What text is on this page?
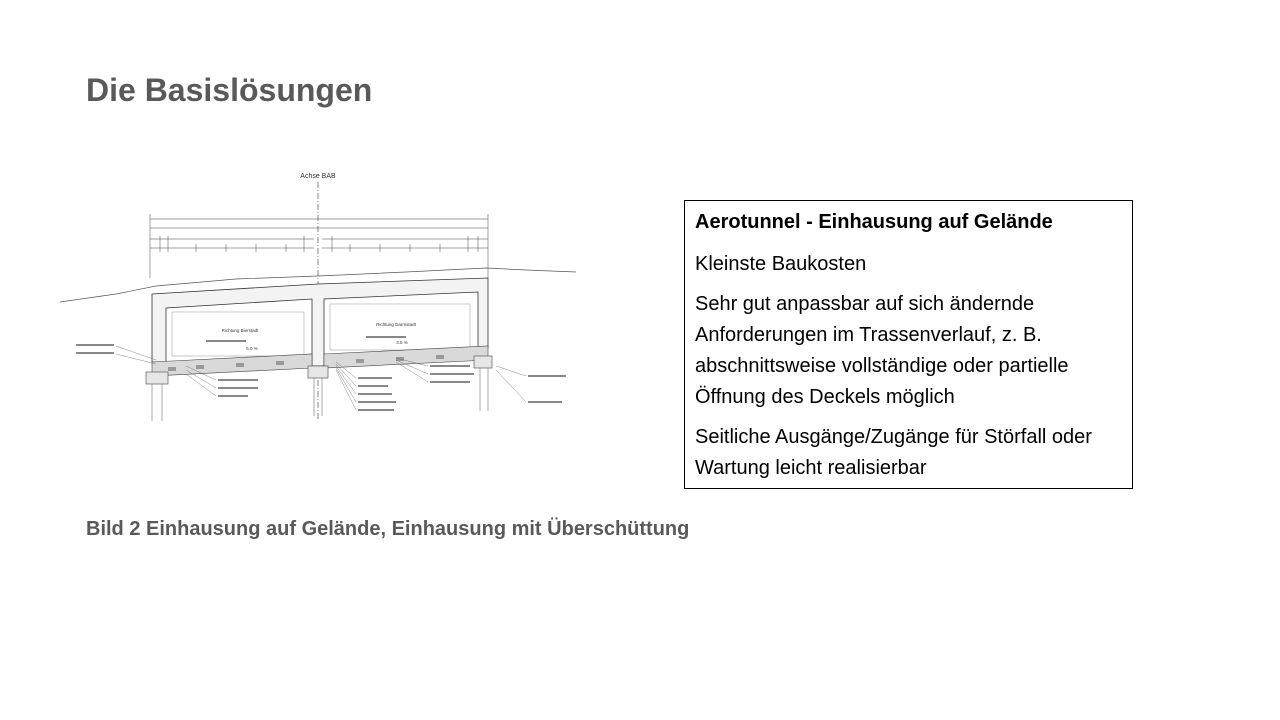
Die Basislösungen
Achse BAB
Richtung Bierstadt
Richtung Darmstadt
5.0 %
3.5 %

Aerotunnel - Einhausung auf Gelände

Kleinste Baukosten

Sehr gut anpassbar auf sich ändernde Anforderungen im Trassenverlauf, z. B. abschnittsweise vollständige oder partielle Öffnung des Deckels möglich

Seitliche Ausgänge/Zugänge für Störfall oder Wartung leicht realisierbar

Bild 2 Einhausung auf Gelände, Einhausung mit Überschüttung
